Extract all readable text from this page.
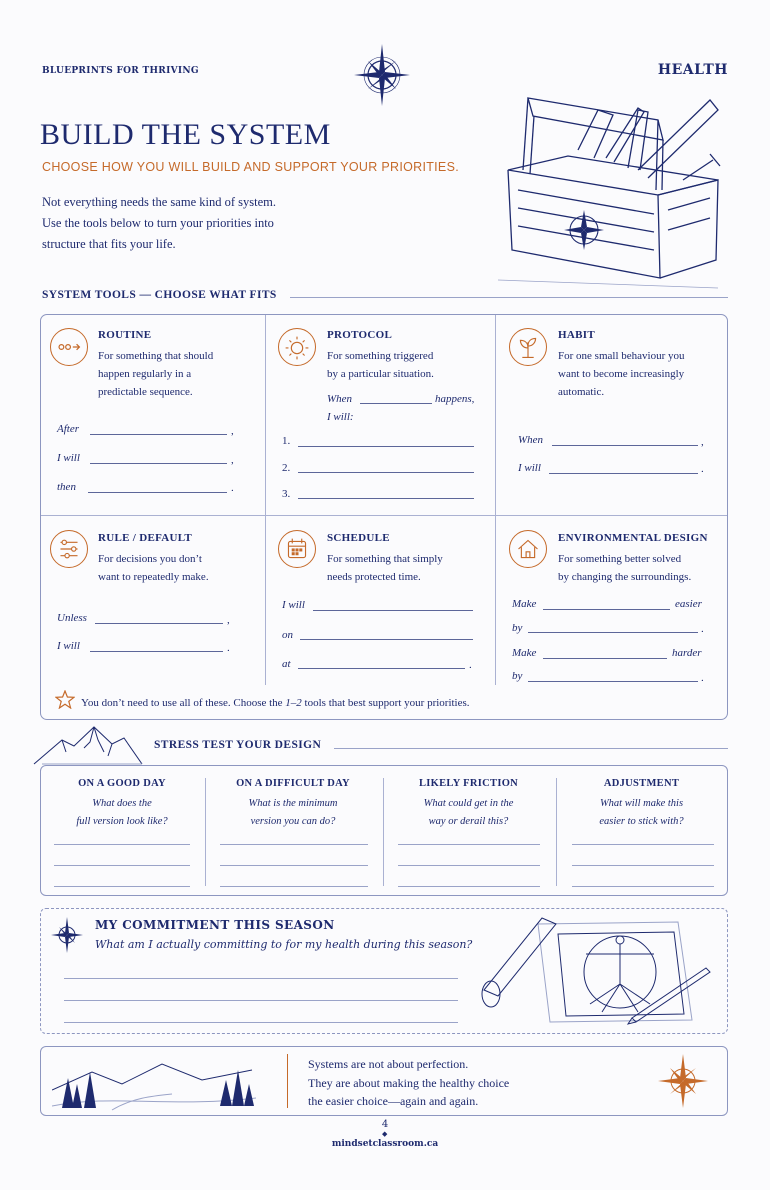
BLUEPRINTS FOR THRIVING	HEALTH
BUILD THE SYSTEM
CHOOSE HOW YOU WILL BUILD AND SUPPORT YOUR PRIORITIES.
Not everything needs the same kind of system.
Use the tools below to turn your priorities into
structure that fits your life.
SYSTEM TOOLS — CHOOSE WHAT FITS
ROUTINE
For something that should
happen regularly in a
predictable sequence.
After	,
I will	,
then	.
PROTOCOL
For something triggered
by a particular situation.
When	happens,
I will:
1.
2.
3.
HABIT
For one small behaviour you
want to become increasingly
automatic.
When	,
I will	.
RULE / DEFAULT
For decisions you don’t
want to repeatedly make.
Unless	,
I will	.
SCHEDULE
For something that simply
needs protected time.
I will
on
at	.
ENVIRONMENTAL DESIGN
For something better solved
by changing the surroundings.
Make	easier
by	.
Make	harder
by	.
You don’t need to use all of these. Choose the 1–2 tools that best support your priorities.
STRESS TEST YOUR DESIGN
ON A GOOD DAY
What does the
full version look like?
ON A DIFFICULT DAY
What is the minimum
version you can do?
LIKELY FRICTION
What could get in the
way or derail this?
ADJUSTMENT
What will make this
easier to stick with?
MY COMMITMENT THIS SEASON
What am I actually committing to for my health during this season?
Systems are not about perfection.
They are about making the healthy choice
the easier choice—again and again.
4
◆
mindsetclassroom.ca
